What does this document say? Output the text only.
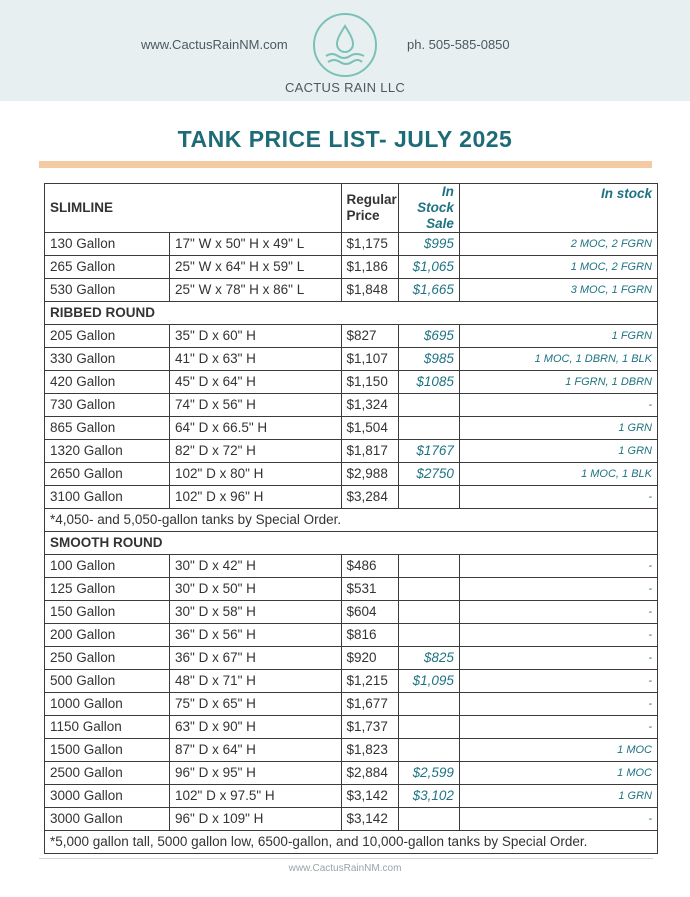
www.CactusRainNM.com	ph. 505-585-0850
CACTUS RAIN LLC
TANK PRICE LIST- JULY 2025
SLIMLINE		Regular Price	In Stock Sale	In stock
130 Gallon	17" W x 50" H x 49" L	$1,175	$995	2 MOC, 2 FGRN
265 Gallon	25" W x 64" H x 59" L	$1,186	$1,065	1 MOC, 2 FGRN
530 Gallon	25" W x 78" H x 86" L	$1,848	$1,665	3 MOC, 1 FGRN
RIBBED ROUND				
205 Gallon	35" D x 60" H	$827	$695	1 FGRN
330 Gallon	41" D x 63" H	$1,107	$985	1 MOC, 1 DBRN, 1 BLK
420 Gallon	45" D x 64" H	$1,150	$1085	1 FGRN, 1 DBRN
730 Gallon	74" D x 56" H	$1,324		-
865 Gallon	64" D x 66.5" H	$1,504		1 GRN
1320 Gallon	82" D x 72" H	$1,817	$1767	1 GRN
2650 Gallon	102" D x 80" H	$2,988	$2750	1 MOC, 1 BLK
3100 Gallon	102" D x 96" H	$3,284		-
*4,050- and 5,050-gallon tanks by Special Order.				
SMOOTH ROUND				
100 Gallon	30" D x 42" H	$486		-
125 Gallon	30" D x 50" H	$531		-
150 Gallon	30" D x 58" H	$604		-
200 Gallon	36" D x 56" H	$816		-
250 Gallon	36" D x 67" H	$920	$825	-
500 Gallon	48" D x 71" H	$1,215	$1,095	-
1000 Gallon	75" D x 65" H	$1,677		-
1150 Gallon	63" D x 90" H	$1,737		-
1500 Gallon	87" D x 64" H	$1,823		1 MOC
2500 Gallon	96" D x 95" H	$2,884	$2,599	1 MOC
3000 Gallon	102" D x 97.5" H	$3,142	$3,102	1 GRN
3000 Gallon	96" D x 109" H	$3,142		-
*5,000 gallon tall, 5000 gallon low, 6500-gallon, and 10,000-gallon tanks by Special Order.				
www.CactusRainNM.com
